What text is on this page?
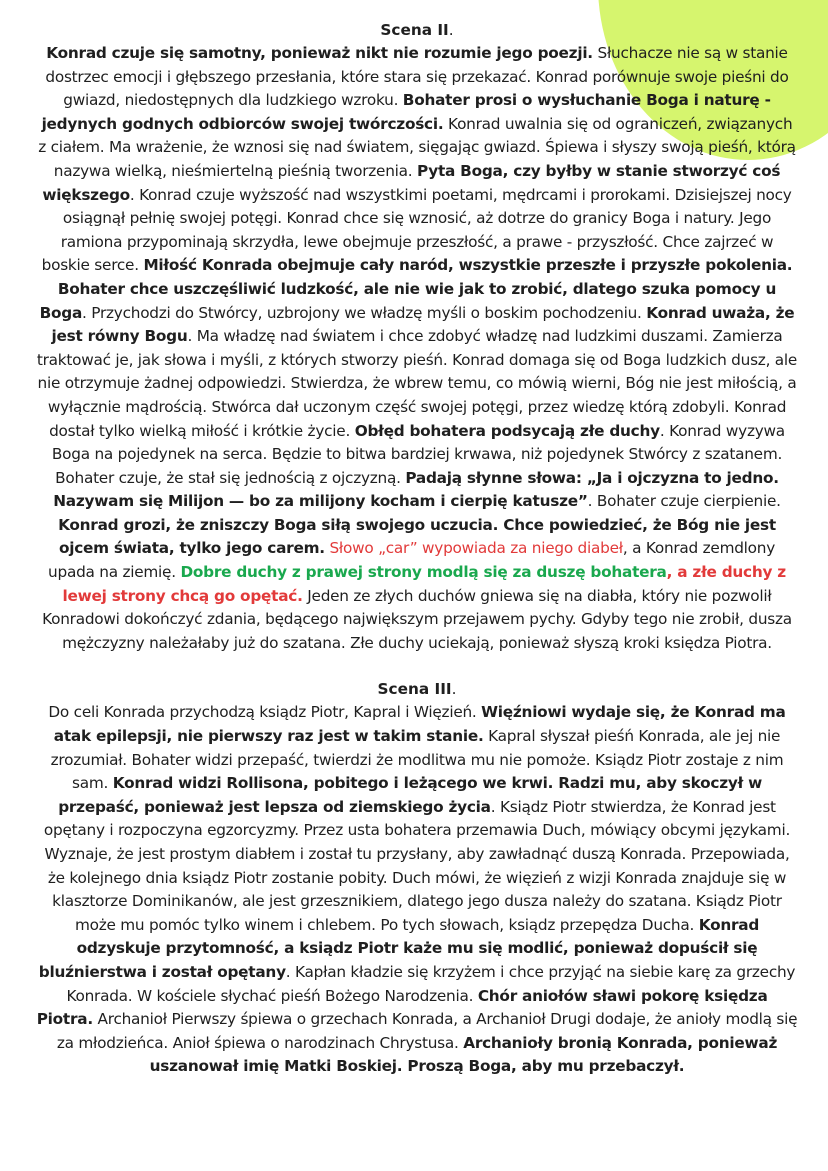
Scena II.

Konrad czuje się samotny, ponieważ nikt nie rozumie jego poezji. Słuchacze nie są w stanie dostrzec emocji i głębszego przesłania, które stara się przekazać. Konrad porównuje swoje pieśni do gwiazd, niedostępnych dla ludzkiego wzroku. Bohater prosi o wysłuchanie Boga i naturę - jedynych godnych odbiorców swojej twórczości. Konrad uwalnia się od ograniczeń, związanych z ciałem. Ma wrażenie, że wznosi się nad światem, sięgając gwiazd. Śpiewa i słyszy swoją pieśń, którą nazywa wielką, nieśmiertelną pieśnią tworzenia. Pyta Boga, czy byłby w stanie stworzyć coś większego. Konrad czuje wyższość nad wszystkimi poetami, mędrcami i prorokami. Dzisiejszej nocy osiągnął pełnię swojej potęgi. Konrad chce się wznosić, aż dotrze do granicy Boga i natury. Jego ramiona przypominają skrzydła, lewe obejmuje przeszłość, a prawe - przyszłość. Chce zajrzeć w boskie serce. Miłość Konrada obejmuje cały naród, wszystkie przeszłe i przyszłe pokolenia. Bohater chce uszczęśliwić ludzkość, ale nie wie jak to zrobić, dlatego szuka pomocy u Boga. Przychodzi do Stwórcy, uzbrojony we władzę myśli o boskim pochodzeniu. Konrad uważa, że jest równy Bogu. Ma władzę nad światem i chce zdobyć władzę nad ludzkimi duszami. Zamierza traktować je, jak słowa i myśli, z których stworzy pieśń. Konrad domaga się od Boga ludzkich dusz, ale nie otrzymuje żadnej odpowiedzi. Stwierdza, że wbrew temu, co mówią wierni, Bóg nie jest miłością, a wyłącznie mądrością. Stwórca dał uczonym część swojej potęgi, przez wiedzę którą zdobyli. Konrad dostał tylko wielką miłość i krótkie życie. Obłęd bohatera podsycają złe duchy. Konrad wyzywa Boga na pojedynek na serca. Będzie to bitwa bardziej krwawa, niż pojedynek Stwórcy z szatanem. Bohater czuje, że stał się jednością z ojczyzną. Padają słynne słowa: „Ja i ojczyzna to jedno. Nazywam się Milijon — bo za milijony kocham i cierpię katusze”. Bohater czuje cierpienie. Konrad grozi, że zniszczy Boga siłą swojego uczucia. Chce powiedzieć, że Bóg nie jest ojcem świata, tylko jego carem. Słowo „car” wypowiada za niego diabeł, a Konrad zemdlony upada na ziemię. Dobre duchy z prawej strony modlą się za duszę bohatera, a złe duchy z lewej strony chcą go opętać. Jeden ze złych duchów gniewa się na diabła, który nie pozwolił Konradowi dokończyć zdania, będącego największym przejawem pychy. Gdyby tego nie zrobił, dusza mężczyzny należałaby już do szatana. Złe duchy uciekają, ponieważ słyszą kroki księdza Piotra.

Scena III.

Do celi Konrada przychodzą ksiądz Piotr, Kapral i Więzień. Więźniowi wydaje się, że Konrad ma atak epilepsji, nie pierwszy raz jest w takim stanie. Kapral słyszał pieśń Konrada, ale jej nie zrozumiał. Bohater widzi przepaść, twierdzi że modlitwa mu nie pomoże. Ksiądz Piotr zostaje z nim sam. Konrad widzi Rollisona, pobitego i leżącego we krwi. Radzi mu, aby skoczył w przepaść, ponieważ jest lepsza od ziemskiego życia. Ksiądz Piotr stwierdza, że Konrad jest opętany i rozpoczyna egzorcyzmy. Przez usta bohatera przemawia Duch, mówiący obcymi językami. Wyznaje, że jest prostym diabłem i został tu przysłany, aby zawładnąć duszą Konrada. Przepowiada, że kolejnego dnia ksiądz Piotr zostanie pobity. Duch mówi, że więzień z wizji Konrada znajduje się w klasztorze Dominikanów, ale jest grzesznikiem, dlatego jego dusza należy do szatana. Ksiądz Piotr może mu pomóc tylko winem i chlebem. Po tych słowach, ksiądz przepędza Ducha. Konrad odzyskuje przytomność, a ksiądz Piotr każe mu się modlić, ponieważ dopuścił się bluźnierstwa i został opętany. Kapłan kładzie się krzyżem i chce przyjąć na siebie karę za grzechy Konrada. W kościele słychać pieśń Bożego Narodzenia. Chór aniołów sławi pokorę księdza Piotra. Archanioł Pierwszy śpiewa o grzechach Konrada, a Archanioł Drugi dodaje, że anioły modlą się za młodzieńca. Anioł śpiewa o narodzinach Chrystusa. Archanioły bronią Konrada, ponieważ uszanował imię Matki Boskiej. Proszą Boga, aby mu przebaczył.
